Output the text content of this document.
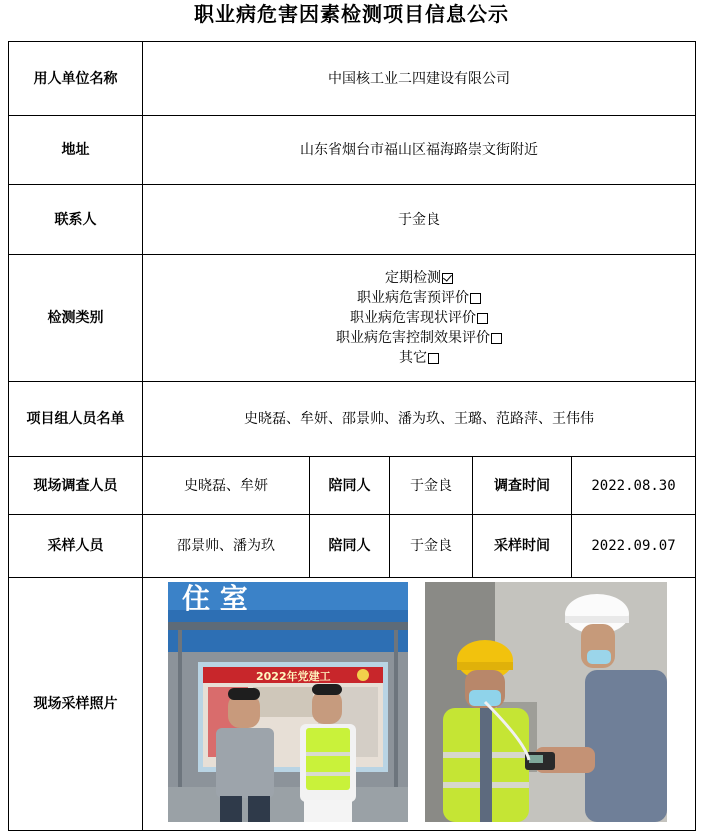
职业病危害因素检测项目信息公示
用人单位名称	中国核工业二四建设有限公司				
地址	山东省烟台市福山区福海路崇文街附近				
联系人	于金良				
检测类别	定期检测
职业病危害预评价
职业病危害现状评价
职业病危害控制效果评价
其它				

项目组人员名单	史晓磊、牟妍、邵景帅、潘为玖、王璐、范路萍、王伟伟				
现场调查人员	史晓磊、牟妍	陪同人	于金良	调查时间	2022.08.30
采样人员	邵景帅、潘为玖	陪同人	于金良	采样时间	2022.09.07
现场采样照片	住 室
2022年党建工				
